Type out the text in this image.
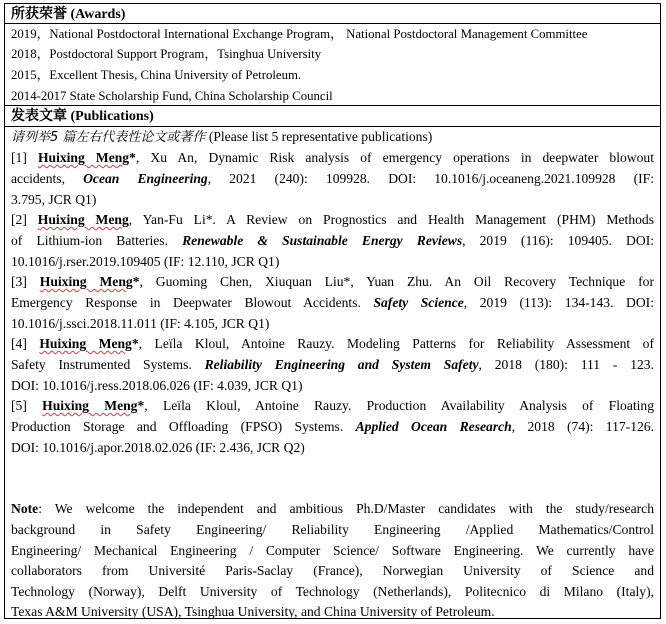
所获荣誉 (Awards)
2019，National Postdoctoral International Exchange Program， National Postdoctoral Management Committee
2018，Postdoctoral Support Program，Tsinghua University
2015，Excellent Thesis, China University of Petroleum.
2014-2017 State Scholarship Fund, China Scholarship Council
发表文章 (Publications)
请列举5 篇左右代表性论文或著作 (Please list 5 representative publications)
[1] Huixing Meng*, Xu An, Dynamic Risk analysis of emergency operations in deepwater blowout
accidents, Ocean Engineering, 2021 (240): 109928. DOI: 10.1016/j.oceaneng.2021.109928 (IF:
3.795, JCR Q1)
[2] Huixing Meng, Yan-Fu Li*. A Review on Prognostics and Health Management (PHM) Methods
of Lithium-ion Batteries. Renewable & Sustainable Energy Reviews, 2019 (116): 109405. DOI:
10.1016/j.rser.2019.109405 (IF: 12.110, JCR Q1)
[3] Huixing Meng*, Guoming Chen, Xiuquan Liu*, Yuan Zhu. An Oil Recovery Technique for
Emergency Response in Deepwater Blowout Accidents. Safety Science, 2019 (113): 134-143. DOI:
10.1016/j.ssci.2018.11.011 (IF: 4.105, JCR Q1)
[4] Huixing Meng*, Leïla Kloul, Antoine Rauzy. Modeling Patterns for Reliability Assessment of
Safety Instrumented Systems. Reliability Engineering and System Safety, 2018 (180): 111 - 123.
DOI: 10.1016/j.ress.2018.06.026 (IF: 4.039, JCR Q1)
[5] Huixing Meng*, Leïla Kloul, Antoine Rauzy. Production Availability Analysis of Floating
Production Storage and Offloading (FPSO) Systems. Applied Ocean Research, 2018 (74): 117-126.
DOI: 10.1016/j.apor.2018.02.026 (IF: 2.436, JCR Q2)
Note: We welcome the independent and ambitious Ph.D/Master candidates with the study/research
background in Safety Engineering/ Reliability Engineering /Applied Mathematics/Control
Engineering/ Mechanical Engineering / Computer Science/ Software Engineering. We currently have
collaborators from Université Paris-Saclay (France), Norwegian University of Science and
Technology (Norway), Delft University of Technology (Netherlands), Politecnico di Milano (Italy),
Texas A&M University (USA), Tsinghua University, and China University of Petroleum.
